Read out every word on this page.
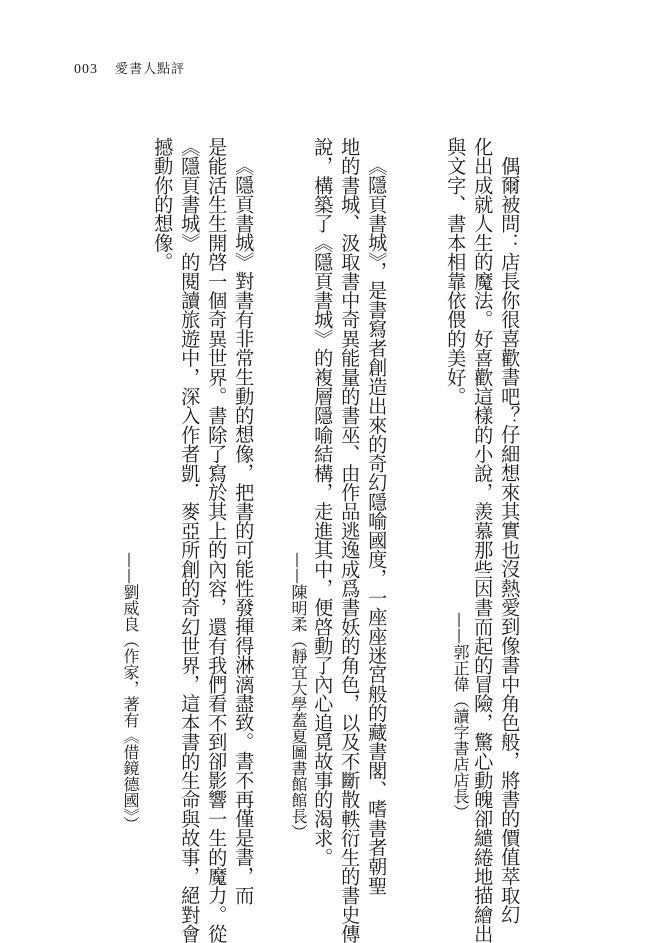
003 愛書人點評
偶爾被問：店長你很喜歡書吧？仔細想來其實也沒熱愛到像書中角色般，將書的價值萃取幻
化出成就人生的魔法。好喜歡這樣的小說，羨慕那些因書而起的冒險，驚心動魄卻繾綣地描繪出
與文字、書本相靠依偎的美好。
——郭正偉（讀字書店店長）
《隱頁書城》，是書寫者創造出來的奇幻隱喻國度，一座座迷宮般的藏書閣、嗜書者朝聖
地的書城、汲取書中奇異能量的書巫、由作品逃逸成爲書妖的角色，以及不斷散軼衍生的書史傳
說，構築了《隱頁書城》的複層隱喻結構，走進其中，便啓動了內心追覓故事的渴求。
——陳明柔（靜宜大學蓋夏圖書館館長）
《隱頁書城》對書有非常生動的想像，把書的可能性發揮得淋漓盡致。書不再僅是書，而
是能活生生開啓一個奇異世界。書除了寫於其上的內容，還有我們看不到卻影響一生的魔力。從
《隱頁書城》的閱讀旅遊中，深入作者凱．麥亞所創的奇幻世界，這本書的生命與故事，絕對會
撼動你的想像。
——劉威良（作家，著有《借鏡德國》）
